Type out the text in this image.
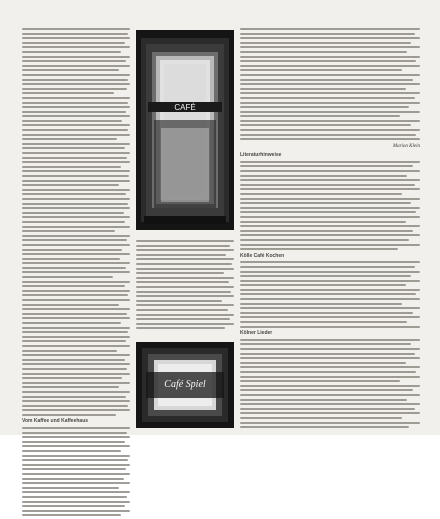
Vom Kaffee und Kaffeehaus
CAFÉ
Café Spiel
Marion Klein
Literaturhinweise
Kölle Café Kochen
Kölner Lieder
